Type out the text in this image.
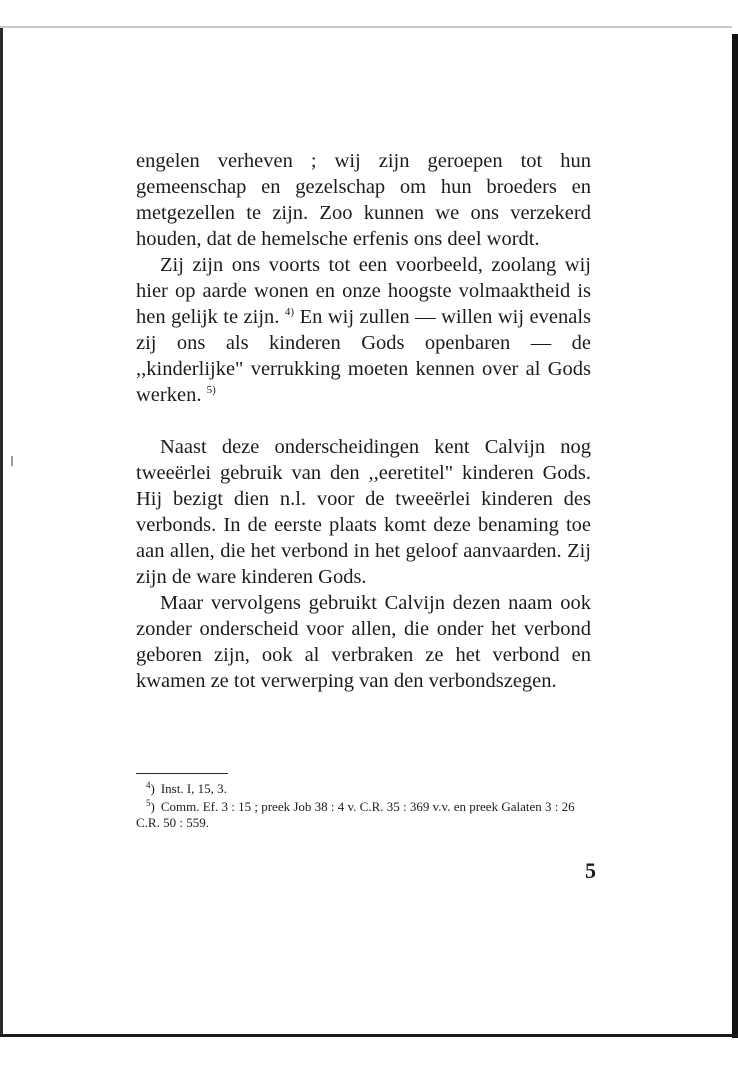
engelen verheven ; wij zijn geroepen tot hun gemeenschap en gezelschap om hun broeders en metgezellen te zijn. Zoo kunnen we ons verzekerd houden, dat de hemelsche erfenis ons deel wordt.

Zij zijn ons voorts tot een voorbeeld, zoolang wij hier op aarde wonen en onze hoogste volmaaktheid is hen gelijk te zijn. $^{4)}$ En wij zullen — willen wij evenals zij ons als kinderen Gods openbaren — de ,,kinderlijke" verrukking moeten kennen over al Gods werken. $^{5)}$

Naast deze onderscheidingen kent Calvijn nog tweeërlei gebruik van den ,,eeretitel" kinderen Gods. Hij bezigt dien n.l. voor de tweeërlei kinderen des verbonds. In de eerste plaats komt deze benaming toe aan allen, die het verbond in het geloof aanvaarden. Zij zijn de ware kinderen Gods.

Maar vervolgens gebruikt Calvijn dezen naam ook zonder onderscheid voor allen, die onder het verbond geboren zijn, ook al verbraken ze het verbond en kwamen ze tot verwerping van den verbondszegen.

$^4$) Inst. I, 15, 3.

$^5$) Comm. Ef. 3 : 15 ; preek Job 38 : 4 v. C.R. 35 : 369 v.v. en preek Galaten 3 : 26 C.R. 50 : 559.

5
